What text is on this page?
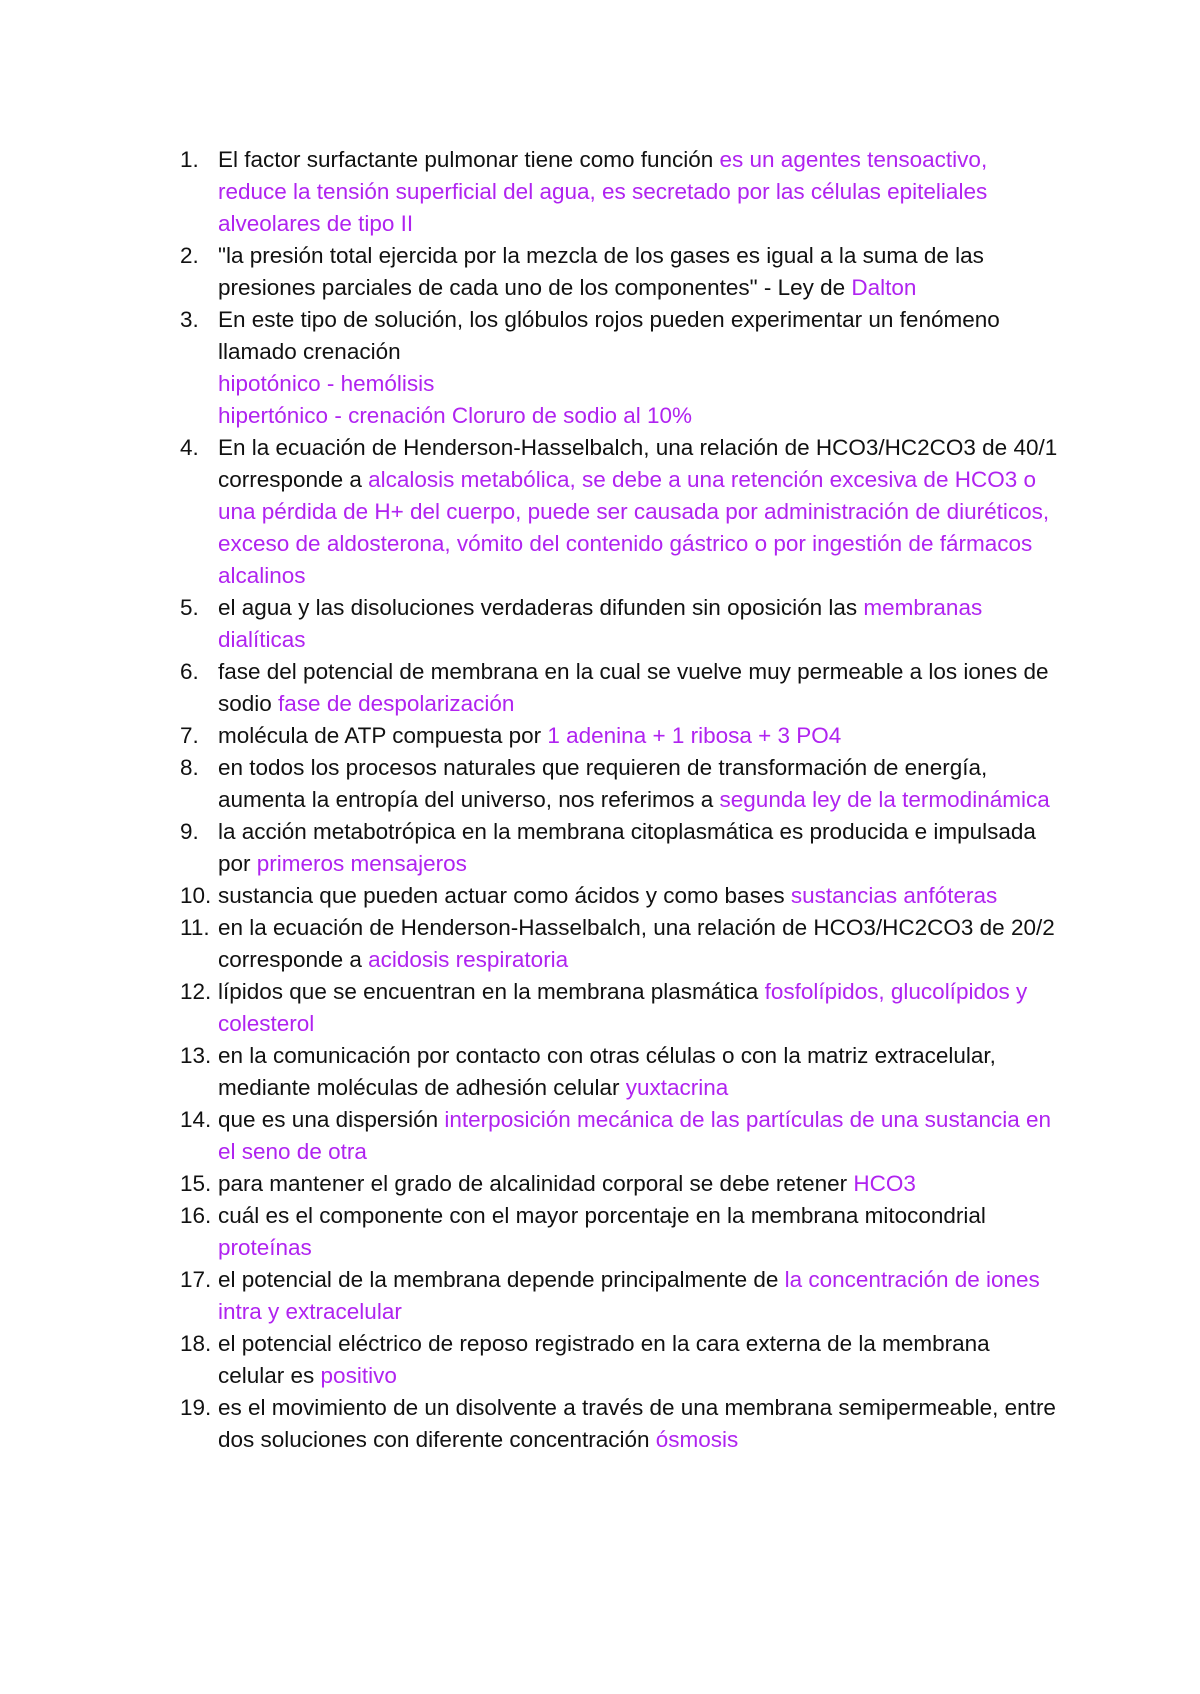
1. El factor surfactante pulmonar tiene como función es un agentes tensoactivo, reduce la tensión superficial del agua, es secretado por las células epiteliales alveolares de tipo II
2. "la presión total ejercida por la mezcla de los gases es igual a la suma de las presiones parciales de cada uno de los componentes" - Ley de Dalton
3. En este tipo de solución, los glóbulos rojos pueden experimentar un fenómeno llamado crenación
hipotónico - hemólisis
hipertónico - crenación Cloruro de sodio al 10%
4. En la ecuación de Henderson-Hasselbalch, una relación de HCO3/HC2CO3 de 40/1 corresponde a alcalosis metabólica, se debe a una retención excesiva de HCO3 o una pérdida de H+ del cuerpo, puede ser causada por administración de diuréticos, exceso de aldosterona, vómito del contenido gástrico o por ingestión de fármacos alcalinos
5. el agua y las disoluciones verdaderas difunden sin oposición las membranas dialíticas
6. fase del potencial de membrana en la cual se vuelve muy permeable a los iones de sodio fase de despolarización
7. molécula de ATP compuesta por 1 adenina + 1 ribosa + 3 PO4
8. en todos los procesos naturales que requieren de transformación de energía, aumenta la entropía del universo, nos referimos a segunda ley de la termodinámica
9. la acción metabotrópica en la membrana citoplasmática es producida e impulsada por primeros mensajeros
10. sustancia que pueden actuar como ácidos y como bases sustancias anfóteras
11. en la ecuación de Henderson-Hasselbalch, una relación de HCO3/HC2CO3 de 20/2 corresponde a acidosis respiratoria
12. lípidos que se encuentran en la membrana plasmática fosfolípidos, glucolípidos y colesterol
13. en la comunicación por contacto con otras células o con la matriz extracelular, mediante moléculas de adhesión celular yuxtacrina
14. que es una dispersión interposición mecánica de las partículas de una sustancia en el seno de otra
15. para mantener el grado de alcalinidad corporal se debe retener HCO3
16. cuál es el componente con el mayor porcentaje en la membrana mitocondrial proteínas
17. el potencial de la membrana depende principalmente de la concentración de iones intra y extracelular
18. el potencial eléctrico de reposo registrado en la cara externa de la membrana celular es positivo
19. es el movimiento de un disolvente a través de una membrana semipermeable, entre dos soluciones con diferente concentración ósmosis
